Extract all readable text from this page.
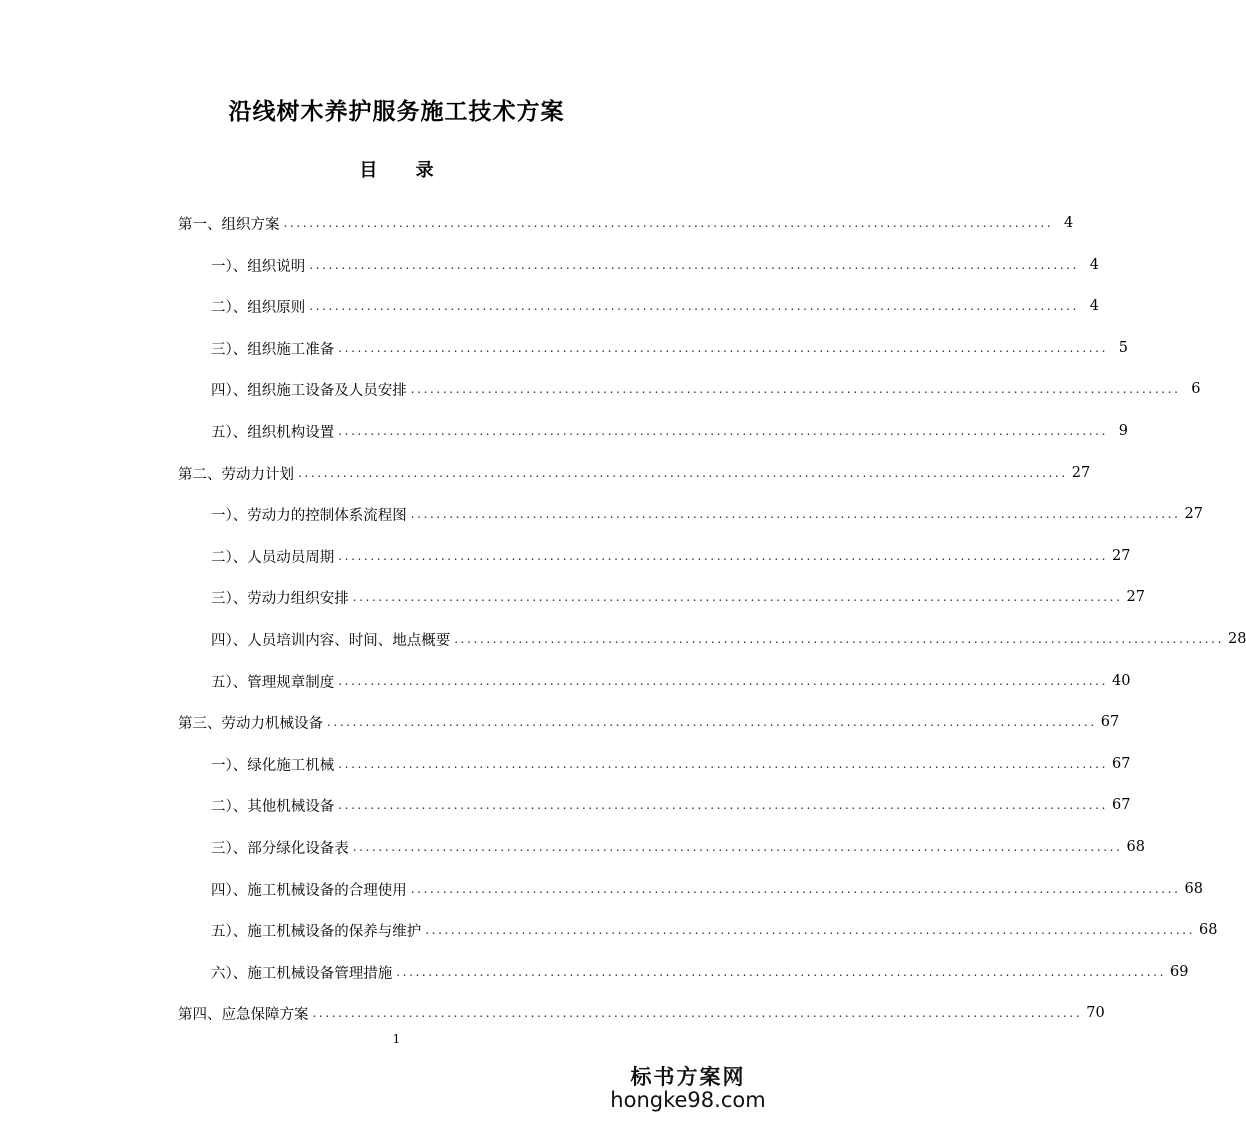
沿线树木养护服务施工技术方案
目 录
第一、组织方案 ........................................................................................................................ 4
一）、组织说明 ........................................................................................................................ 4
二）、组织原则 ........................................................................................................................ 4
三）、组织施工准备 ........................................................................................................................ 5
四）、组织施工设备及人员安排 ........................................................................................................................ 6
五）、组织机构设置 ........................................................................................................................ 9
第二、劳动力计划 ........................................................................................................................ 27
一）、劳动力的控制体系流程图 ........................................................................................................................ 27
二）、人员动员周期 ........................................................................................................................ 27
三）、劳动力组织安排 ........................................................................................................................ 27
四）、人员培训内容、时间、地点概要 ........................................................................................................................ 28
五）、管理规章制度 ........................................................................................................................ 40
第三、劳动力机械设备 ........................................................................................................................ 67
一）、绿化施工机械 ........................................................................................................................ 67
二）、其他机械设备 ........................................................................................................................ 67
三）、部分绿化设备表 ........................................................................................................................ 68
四）、施工机械设备的合理使用 ........................................................................................................................ 68
五）、施工机械设备的保养与维护 ........................................................................................................................ 68
六）、施工机械设备管理措施 ........................................................................................................................ 69
第四、应急保障方案 ........................................................................................................................ 70
1
标书方案网
hongke98.com
